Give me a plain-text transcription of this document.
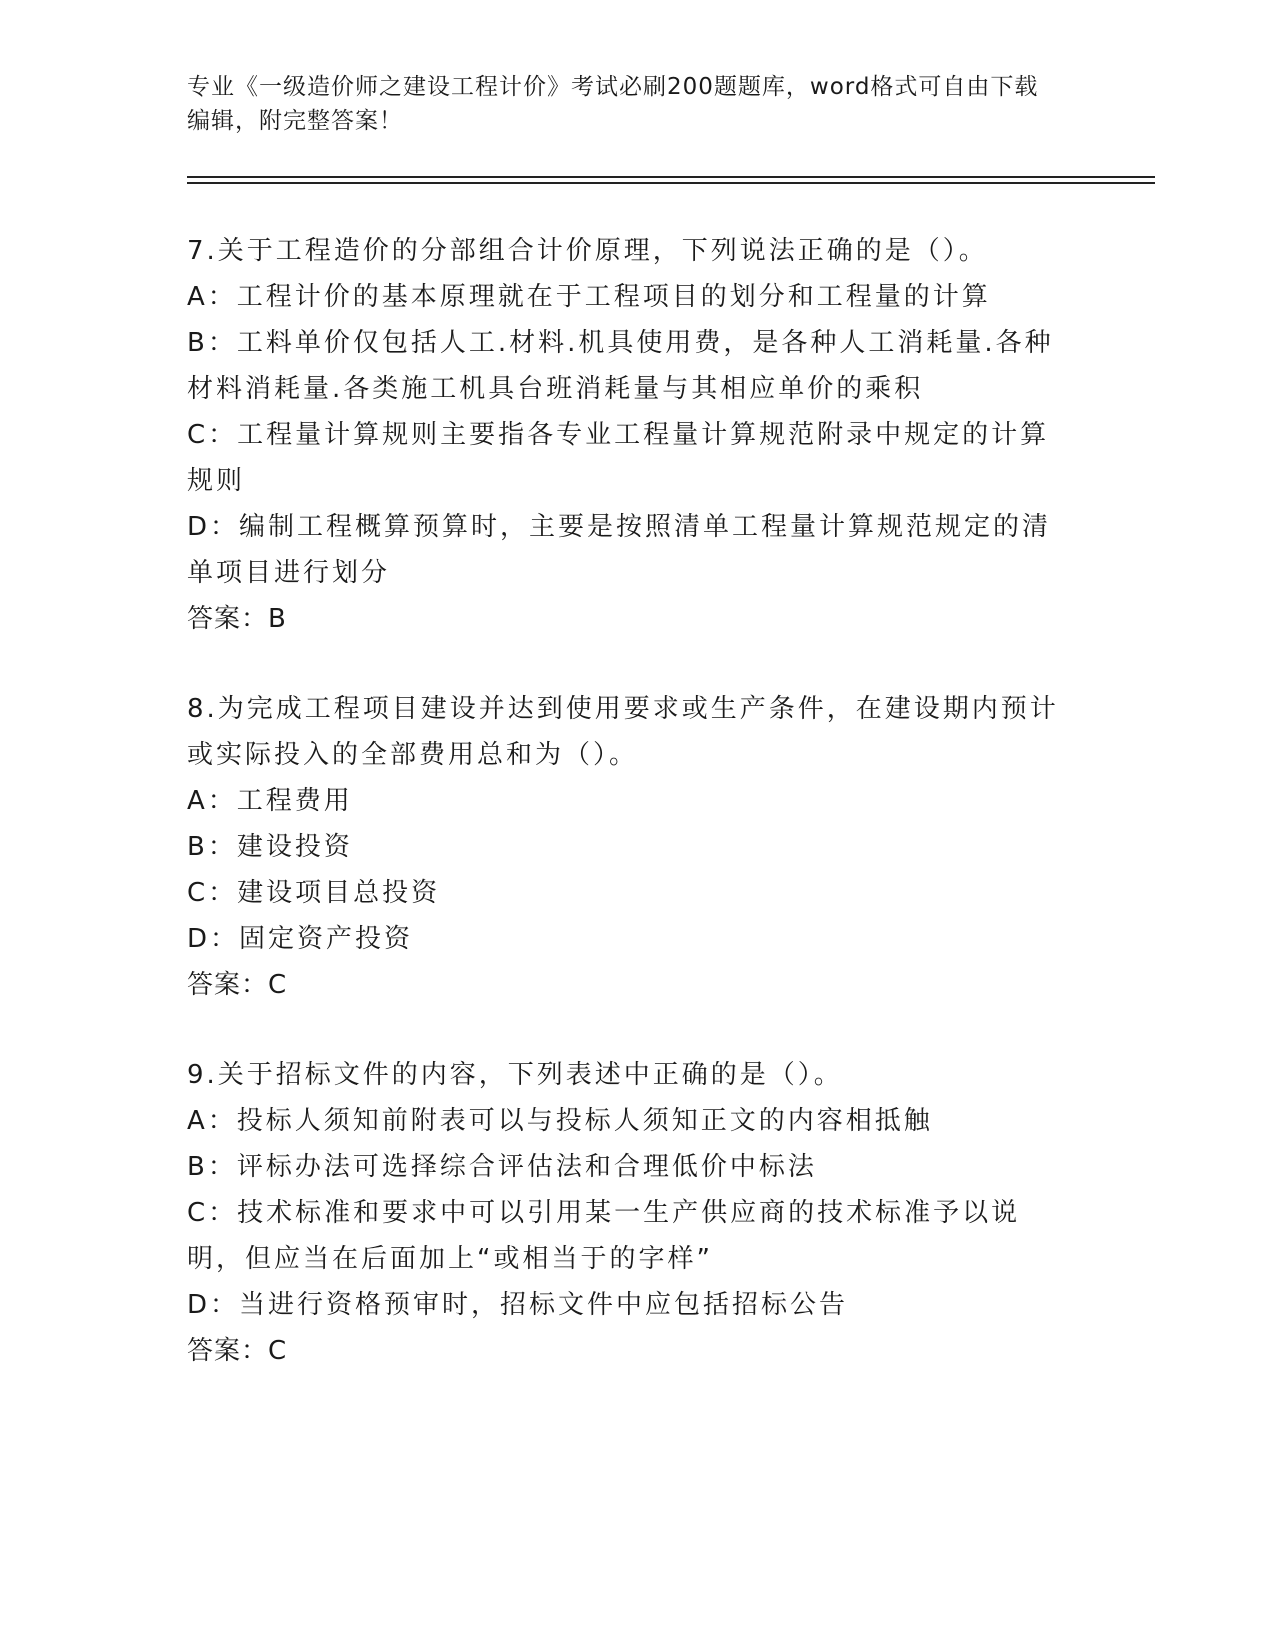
专业《一级造价师之建设工程计价》考试必刷200题题库，word格式可自由下载
编辑，附完整答案！
7.关于工程造价的分部组合计价原理，下列说法正确的是（）。
A：工程计价的基本原理就在于工程项目的划分和工程量的计算
B：工料单价仅包括人工.材料.机具使用费，是各种人工消耗量.各种材料消耗量.各类施工机具台班消耗量与其相应单价的乘积
C：工程量计算规则主要指各专业工程量计算规范附录中规定的计算规则
D：编制工程概算预算时，主要是按照清单工程量计算规范规定的清单项目进行划分
答案：B
8.为完成工程项目建设并达到使用要求或生产条件，在建设期内预计或实际投入的全部费用总和为（）。
A：工程费用
B：建设投资
C：建设项目总投资
D：固定资产投资
答案：C
9.关于招标文件的内容，下列表述中正确的是（）。
A：投标人须知前附表可以与投标人须知正文的内容相抵触
B：评标办法可选择综合评估法和合理低价中标法
C：技术标准和要求中可以引用某一生产供应商的技术标准予以说明，但应当在后面加上“或相当于的字样”
D：当进行资格预审时，招标文件中应包括招标公告
答案：C
